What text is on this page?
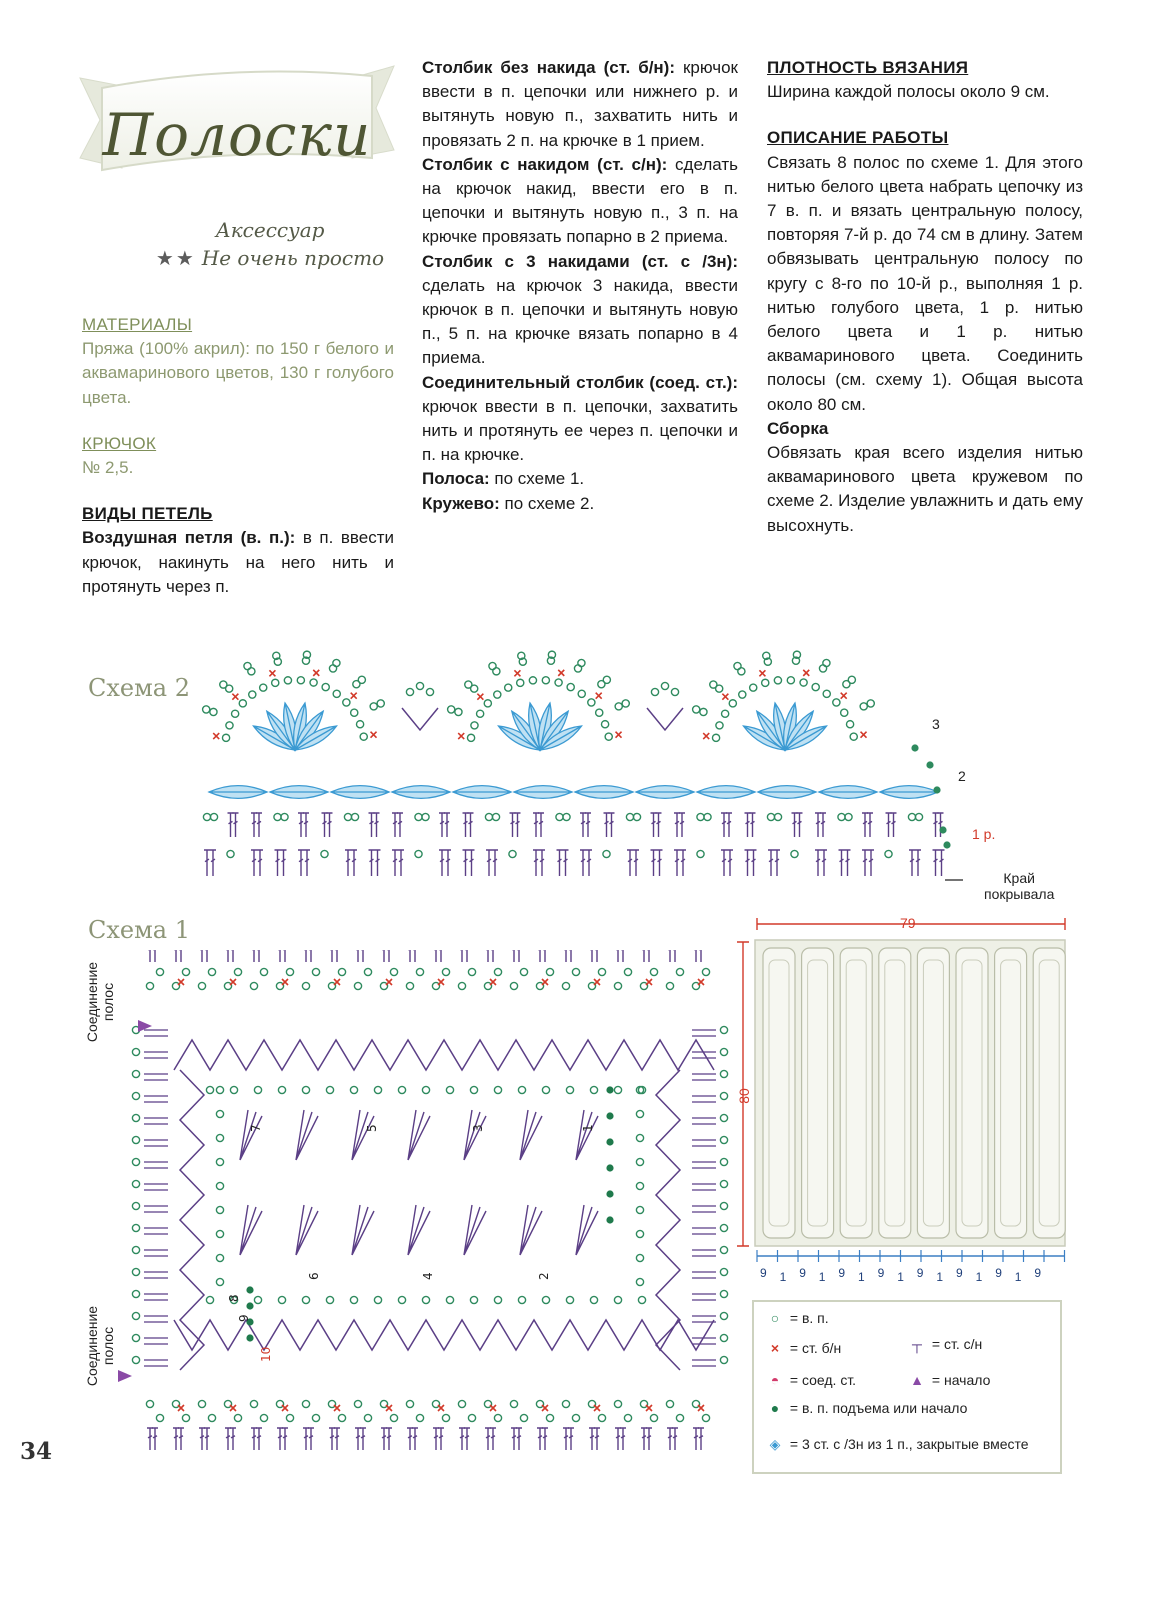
Полоски
Аксессуар
★★ Не очень просто

МАТЕРИАЛЫ

Пряжа (100% акрил): по 150 г белого и аквамаринового цветов, 130 г голубого цвета.

КРЮЧОК

№ 2,5.

ВИДЫ ПЕТЕЛЬ

Воздушная петля (в. п.): в п. ввести крючок, накинуть на него нить и протянуть через п.

Столбик без накида (ст. б/н): крючок ввести в п. цепочки или нижнего р. и вытянуть новую п., захватить нить и провязать 2 п. на крючке в 1 прием.

Столбик с накидом (ст. с/н): сделать на крючок накид, ввести его в п. цепочки и вытянуть новую п., 3 п. на крючке провязать попарно в 2 приема.

Столбик с 3 накидами (ст. с /3н): сделать на крючок 3 накида, ввести крючок в п. цепочки и вытянуть новую п., 5 п. на крючке вязать попарно в 4 приема.

Соединительный столбик (соед. ст.): крючок ввести в п. цепочки, захватить нить и протянуть ее через п. цепочки и п. на крючке.

Полоса: по схеме 1.

Кружево: по схеме 2.

ПЛОТНОСТЬ ВЯЗАНИЯ

Ширина каждой полосы около 9 см.

ОПИСАНИЕ РАБОТЫ

Связать 8 полос по схеме 1. Для этого нитью белого цвета набрать цепочку из 7 в. п. и вязать центральную полосу, повторяя 7-й р. до 74 см в длину. Затем обвязывать центральную полосу по кругу с 8-го по 10-й р., выполняя 1 р. нитью голубого цвета, 1 р. нитью белого цвета и 1 р. нитью аквамаринового цвета. Соединить полосы (см. схему 1). Общая высота около 80 см.

Сборка

Обвязать края всего изделия нитью аквамаринового цвета кружевом по схеме 2. Изделие увлажнить и дать ему высохнуть.

Схема 2
3
2
1 р.
Край
покрывала
Схема 1
1
2
3
4
5
6
7
8
9
10
Соединение полос
Соединение полос
79
80
9 1 9 1 9 1 9 1 9 1 9 1 9 1 9
○ = в. п.
× = ст. б/н	┬ = ст. с/н
◓ = соед. ст.	▲ = начало
● = в. п. подъема или начало
◈ = 3 ст. с /3н из 1 п., закрытые вместе
34
